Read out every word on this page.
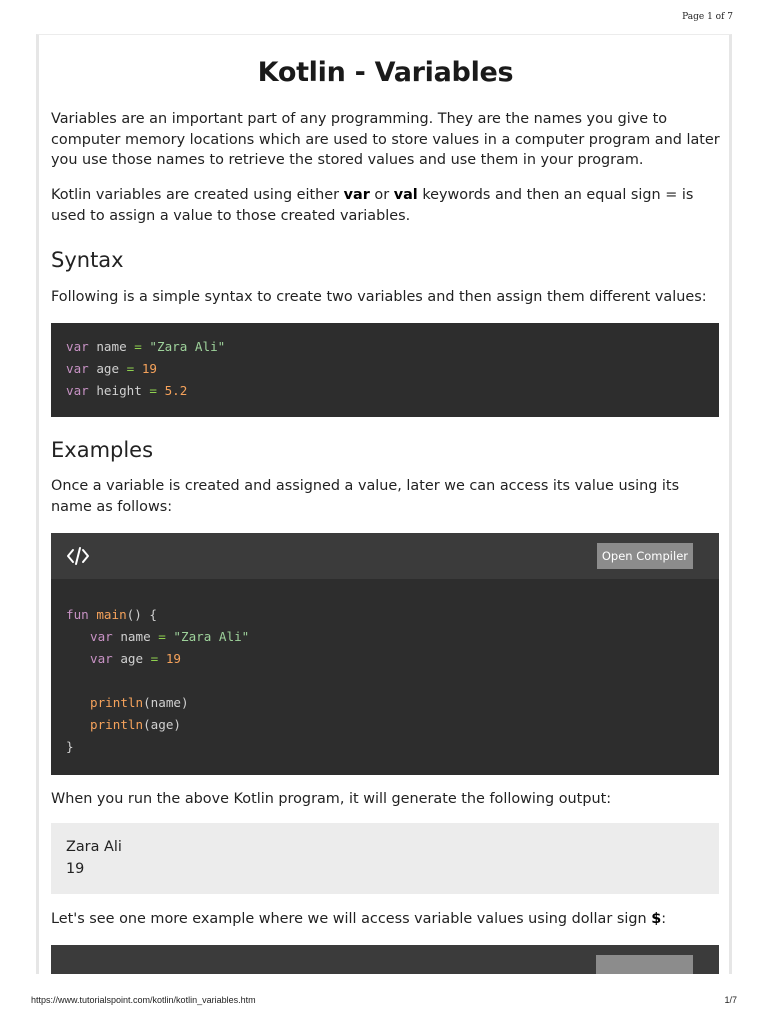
Page 1 of 7
Kotlin - Variables

Variables are an important part of any programming. They are the names you give to computer memory locations which are used to store values in a computer program and later you use those names to retrieve the stored values and use them in your program.

Kotlin variables are created using either var or val keywords and then an equal sign = is used to assign a value to those created variables.

Syntax

Following is a simple syntax to create two variables and then assign them different values:

var name = "Zara Ali"
var age = 19
var height = 5.2
Examples

Once a variable is created and assigned a value, later we can access its value using its name as follows:

Open Compiler
fun main() {
var name = "Zara Ali"
var age = 19
println(name)
println(age)
}

When you run the above Kotlin program, it will generate the following output:

Zara Ali
19

Let's see one more example where we will access variable values using dollar sign $:

https://www.tutorialspoint.com/kotlin/kotlin_variables.htm	1/7
